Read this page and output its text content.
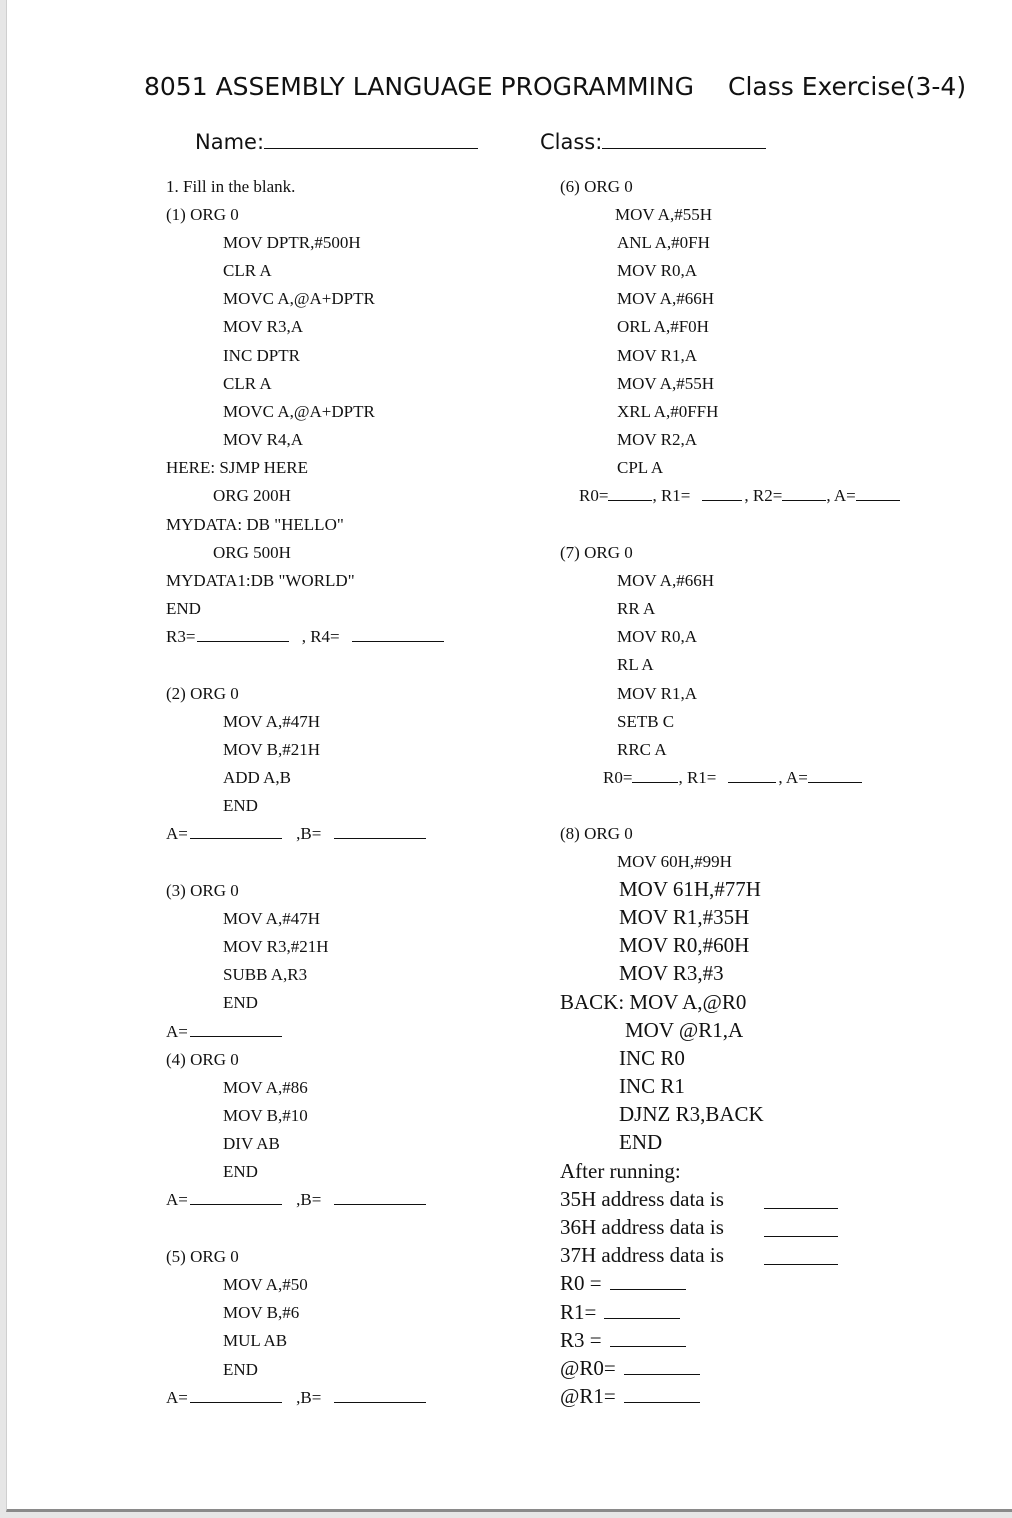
8051 ASSEMBLY LANGUAGE PROGRAMMING Class Exercise(3-4)
Name:	Class:
1. Fill in the blank.
(1) ORG 0
MOV DPTR,#500H
CLR A
MOVC A,@A+DPTR
MOV R3,A
INC DPTR
CLR A
MOVC A,@A+DPTR
MOV R4,A
HERE: SJMP HERE
ORG 200H
MYDATA: DB "HELLO"
ORG 500H
MYDATA1:DB "WORLD"
END
R3=	, R4=
(2) ORG 0
MOV A,#47H
MOV B,#21H
ADD A,B
END
A=	,B=
(3) ORG 0
MOV A,#47H
MOV R3,#21H
SUBB A,R3
END
A=
(4) ORG 0
MOV A,#86
MOV B,#10
DIV AB
END
A=	,B=
(5) ORG 0
MOV A,#50
MOV B,#6
MUL AB
END
A=	,B=
(6) ORG 0
MOV A,#55H
ANL A,#0FH
MOV R0,A
MOV A,#66H
ORL A,#F0H
MOV R1,A
MOV A,#55H
XRL A,#0FFH
MOV R2,A
CPL A
R0=	, R1=	, R2=	, A=
(7) ORG 0
MOV A,#66H
RR A
MOV R0,A
RL A
MOV R1,A
SETB C
RRC A
R0=	, R1=	, A=
(8) ORG 0
MOV 60H,#99H
MOV 61H,#77H
MOV R1,#35H
MOV R0,#60H
MOV R3,#3
BACK: MOV A,@R0
MOV @R1,A
INC R0
INC R1
DJNZ R3,BACK
END
After running:
35H address data is
36H address data is
37H address data is
R0 =
R1=
R3 =
@R0=
@R1=
